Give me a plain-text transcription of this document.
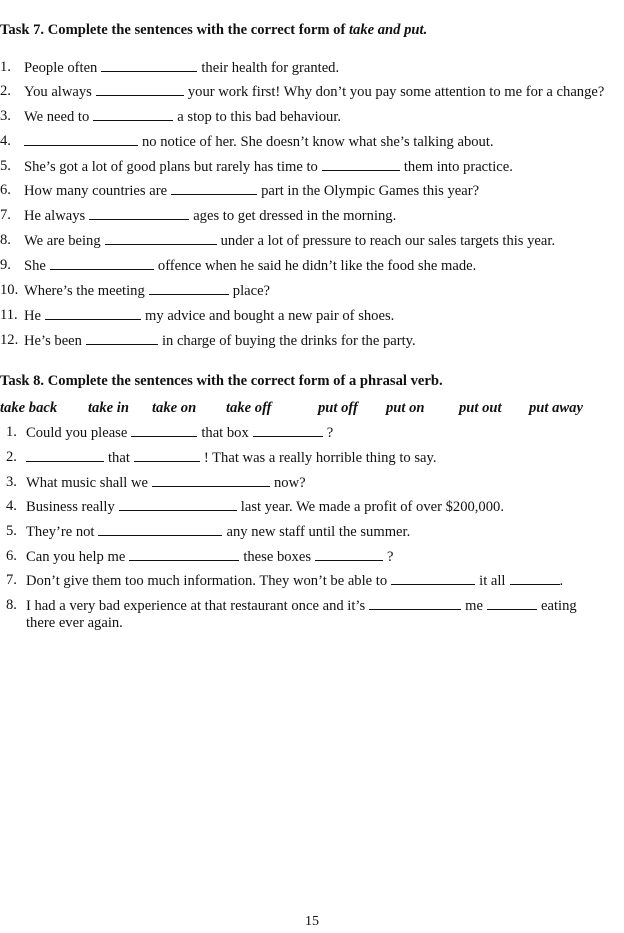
Task 7. Complete the sentences with the correct form of take and put.
1. People often	their health for granted.
2. You always	your work first! Why don’t you pay some attention to me for a change?
3. We need to	a stop to this bad behaviour.
4.	no notice of her. She doesn’t know what she’s talking about.
5. She’s got a lot of good plans but rarely has time to	them into practice.
6. How many countries are	part in the Olympic Games this year?
7. He always	ages to get dressed in the morning.
8. We are being	under a lot of pressure to reach our sales targets this year.
9. She	offence when he said he didn’t like the food she made.
10. Where’s the meeting	place?
11. He	my advice and bought a new pair of shoes.
12. He’s been	in charge of buying the drinks for the party.
Task 8. Complete the sentences with the correct form of a phrasal verb.
take back take in take on take off	put off put on put out put away
1. Could you please	that box	?
2.	that	! That was a really horrible thing to say.
3. What music shall we	now?
4. Business really	last year. We made a profit of over $200,000.
5. They’re not	any new staff until the summer.
6. Can you help me	these boxes	?
7. Don’t give them too much information. They won’t be able to	it all	.
8. I had a very bad experience at that restaurant once and it’s	me	eating
there ever again.
15
